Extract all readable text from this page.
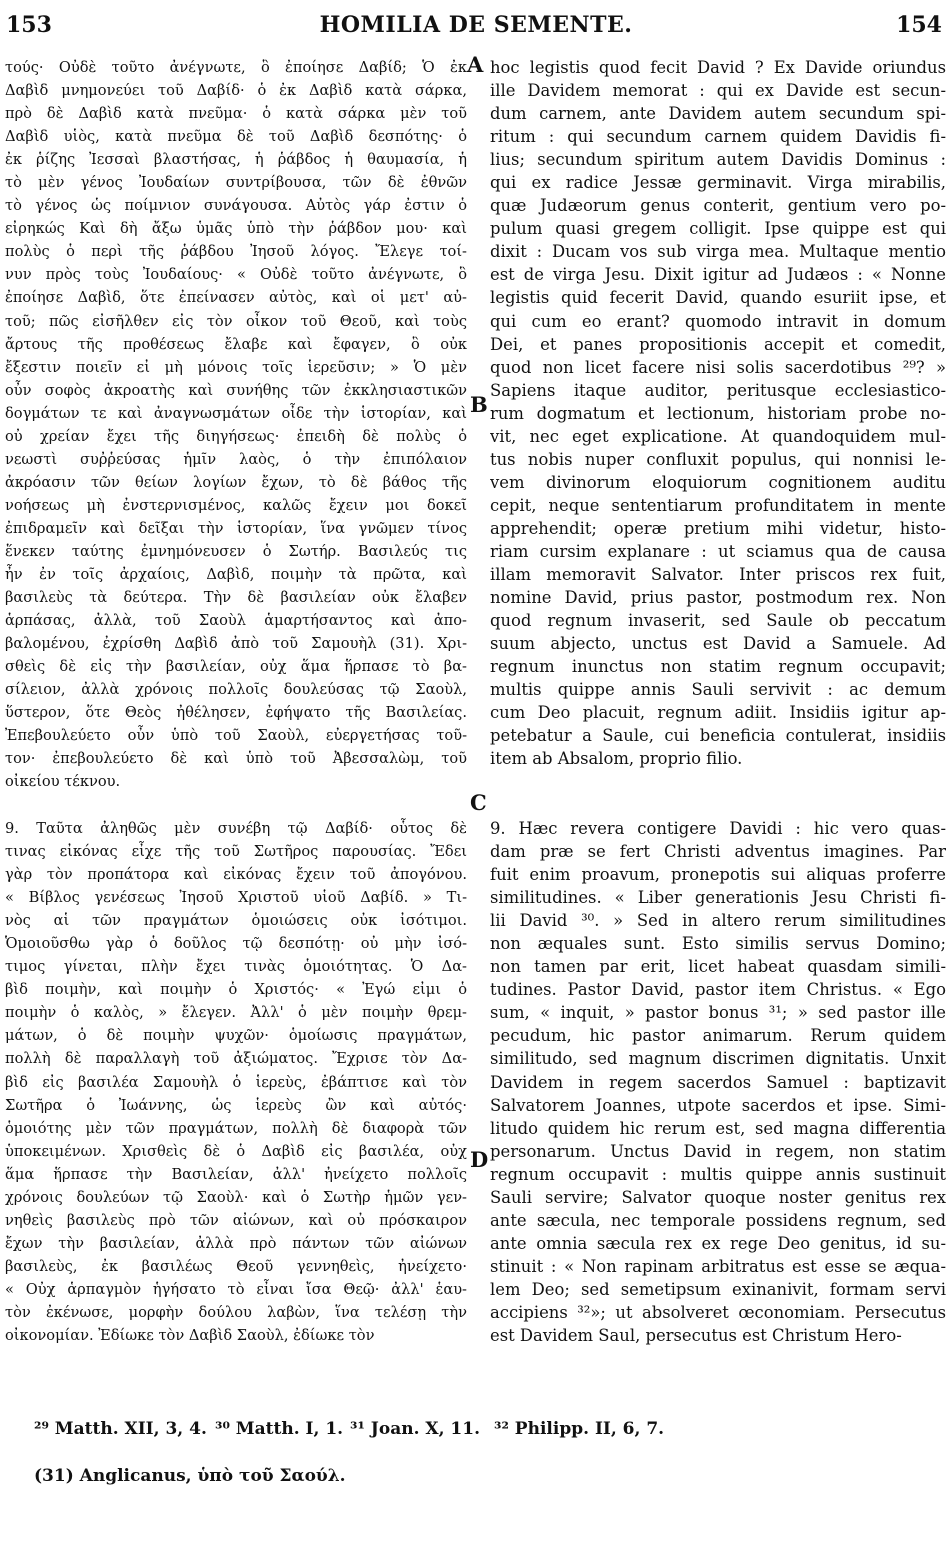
153	HOMILIA DE SEMENTE.	154
τούς· Οὐδὲ τοῦτο ἀνέγνωτε, ὃ ἐποίησε Δαβίδ; Ὁ ἐκ
Δαβὶδ μνημονεύει τοῦ Δαβίδ· ὁ ἐκ Δαβὶδ κατὰ σάρκα,
πρὸ δὲ Δαβὶδ κατὰ πνεῦμα· ὁ κατὰ σάρκα μὲν τοῦ
Δαβὶδ υἱὸς, κατὰ πνεῦμα δὲ τοῦ Δαβὶδ δεσπότης· ὁ
ἐκ ῥίζης Ἰεσσαὶ βλαστήσας, ἡ ῥάβδος ἡ θαυμασία, ἡ
τὸ μὲν γένος Ἰουδαίων συντρίβουσα, τῶν δὲ ἐθνῶν
τὸ γένος ὡς ποίμνιον συνάγουσα. Αὐτὸς γάρ ἐστιν ὁ
εἰρηκώς Καὶ δὴ ἄξω ὑμᾶς ὑπὸ τὴν ῥάβδον μου· καὶ
πολὺς ὁ περὶ τῆς ῥάβδου Ἰησοῦ λόγος. Ἔλεγε τοί-
νυν πρὸς τοὺς Ἰουδαίους· « Οὐδὲ τοῦτο ἀνέγνωτε, ὃ
ἐποίησε Δαβὶδ, ὅτε ἐπείνασεν αὐτὸς, καὶ οἱ μετ' αὐ-
τοῦ; πῶς εἰσῆλθεν εἰς τὸν οἶκον τοῦ Θεοῦ, καὶ τοὺς
ἄρτους τῆς προθέσεως ἔλαβε καὶ ἔφαγεν, ὃ οὐκ
ἔξεστιν ποιεῖν εἰ μὴ μόνοις τοῖς ἱερεῦσιν; » Ὁ μὲν
οὖν σοφὸς ἀκροατὴς καὶ συνήθης τῶν ἐκκλησιαστικῶν
δογμάτων τε καὶ ἀναγνωσμάτων οἶδε τὴν ἱστορίαν, καὶ
οὐ χρείαν ἔχει τῆς διηγήσεως· ἐπειδὴ δὲ πολὺς ὁ
νεωστὶ συῤῥεύσας ἡμῖν λαὸς, ὁ τὴν ἐπιπόλαιον
ἀκρόασιν τῶν θείων λογίων ἔχων, τὸ δὲ βάθος τῆς
νοήσεως μὴ ἐνστερνισμένος, καλῶς ἔχειν μοι δοκεῖ
ἐπιδραμεῖν καὶ δεῖξαι τὴν ἱστορίαν, ἵνα γνῶμεν τίνος
ἕνεκεν ταύτης ἐμνημόνευσεν ὁ Σωτήρ. Βασιλεύς τις
ἦν ἐν τοῖς ἀρχαίοις, Δαβὶδ, ποιμὴν τὰ πρῶτα, καὶ
βασιλεὺς τὰ δεύτερα. Τὴν δὲ βασιλείαν οὐκ ἔλαβεν
ἁρπάσας, ἀλλὰ, τοῦ Σαοὺλ ἁμαρτήσαντος καὶ ἀπο-
βαλομένου, ἐχρίσθη Δαβὶδ ἀπὸ τοῦ Σαμουὴλ (31). Χρι-
σθεὶς δὲ εἰς τὴν βασιλείαν, οὐχ ἅμα ἥρπασε τὸ βα-
σίλειον, ἀλλὰ χρόνοις πολλοῖς δουλεύσας τῷ Σαοὺλ,
ὕστερον, ὅτε Θεὸς ἠθέλησεν, ἐφήψατο τῆς Βασιλείας.
Ἐπεβουλεύετο οὖν ὑπὸ τοῦ Σαοὺλ, εὐεργετήσας τοῦ-
τον· ἐπεβουλεύετο δὲ καὶ ὑπὸ τοῦ Ἀβεσσαλὼμ, τοῦ
οἰκείου τέκνου.
hoc legistis quod fecit David ? Ex Davide oriundus
ille Davidem memorat : qui ex Davide est secun-
dum carnem, ante Davidem autem secundum spi-
ritum : qui secundum carnem quidem Davidis fi-
lius; secundum spiritum autem Davidis Dominus :
qui ex radice Jessæ germinavit. Virga mirabilis,
quæ Judæorum genus conterit, gentium vero po-
pulum quasi gregem colligit. Ipse quippe est qui
dixit : Ducam vos sub virga mea. Multaque mentio
est de virga Jesu. Dixit igitur ad Judæos : « Nonne
legistis quid fecerit David, quando esuriit ipse, et
qui cum eo erant? quomodo intravit in domum
Dei, et panes propositionis accepit et comedit,
quod non licet facere nisi solis sacerdotibus ²⁹? »
Sapiens itaque auditor, peritusque ecclesiastico-
rum dogmatum et lectionum, historiam probe no-
vit, nec eget explicatione. At quandoquidem mul-
tus nobis nuper confluxit populus, qui nonnisi le-
vem divinorum eloquiorum cognitionem auditu
cepit, neque sententiarum profunditatem in mente
apprehendit; operæ pretium mihi videtur, histo-
riam cursim explanare : ut sciamus qua de causa
illam memoravit Salvator. Inter priscos rex fuit,
nomine David, prius pastor, postmodum rex. Non
quod regnum invaserit, sed Saule ob peccatum
suum abjecto, unctus est David a Samuele. Ad
regnum inunctus non statim regnum occupavit;
multis quippe annis Sauli servivit : ac demum
cum Deo placuit, regnum adiit. Insidiis igitur ap-
petebatur a Saule, cui beneficia contulerat, insidiis
item ab Absalom, proprio filio.
9. Ταῦτα ἀληθῶς μὲν συνέβη τῷ Δαβίδ· οὗτος δὲ
τινας εἰκόνας εἶχε τῆς τοῦ Σωτῆρος παρουσίας. Ἔδει
γὰρ τὸν προπάτορα καὶ εἰκόνας ἔχειν τοῦ ἀπογόνου.
« Βίβλος γενέσεως Ἰησοῦ Χριστοῦ υἱοῦ Δαβίδ. » Τι-
νὸς αἱ τῶν πραγμάτων ὁμοιώσεις οὐκ ἰσότιμοι.
Ὁμοιοῦσθω γὰρ ὁ δοῦλος τῷ δεσπότῃ· οὐ μὴν ἰσό-
τιμος γίνεται, πλὴν ἔχει τινὰς ὁμοιότητας. Ὁ Δα-
βὶδ ποιμὴν, καὶ ποιμὴν ὁ Χριστός· « Ἐγώ εἰμι ὁ
ποιμὴν ὁ καλὸς, » ἔλεγεν. Ἀλλ' ὁ μὲν ποιμὴν θρεμ-
μάτων, ὁ δὲ ποιμὴν ψυχῶν· ὁμοίωσις πραγμάτων,
πολλὴ δὲ παραλλαγὴ τοῦ ἀξιώματος. Ἔχρισε τὸν Δα-
βὶδ εἰς βασιλέα Σαμουὴλ ὁ ἱερεὺς, ἐβάπτισε καὶ τὸν
Σωτῆρα ὁ Ἰωάννης, ὡς ἱερεὺς ὢν καὶ αὐτός·
ὁμοιότης μὲν τῶν πραγμάτων, πολλὴ δὲ διαφορὰ τῶν
ὑποκειμένων. Χρισθεὶς δὲ ὁ Δαβὶδ εἰς βασιλέα, οὐχ
ἅμα ἥρπασε τὴν Βασιλείαν, ἀλλ' ἠνείχετο πολλοῖς
χρόνοις δουλεύων τῷ Σαοὺλ· καὶ ὁ Σωτὴρ ἡμῶν γεν-
νηθεὶς βασιλεὺς πρὸ τῶν αἰώνων, καὶ οὐ πρόσκαιρον
ἔχων τὴν βασιλείαν, ἀλλὰ πρὸ πάντων τῶν αἰώνων
βασιλεὺς, ἐκ βασιλέως Θεοῦ γεννηθεὶς, ἠνείχετο·
« Οὐχ ἁρπαγμὸν ἡγήσατο τὸ εἶναι ἴσα Θεῷ· ἀλλ' ἑαυ-
τὸν ἐκένωσε, μορφὴν δούλου λαβὼν, ἵνα τελέσῃ τὴν
οἰκονομίαν. Ἐδίωκε τὸν Δαβὶδ Σαοὺλ, ἐδίωκε τὸν
9. Hæc revera contigere Davidi : hic vero quas-
dam præ se fert Christi adventus imagines. Par
fuit enim proavum, pronepotis sui aliquas proferre
similitudines. « Liber generationis Jesu Christi fi-
lii David ³⁰. » Sed in altero rerum similitudines
non æquales sunt. Esto similis servus Domino;
non tamen par erit, licet habeat quasdam simili-
tudines. Pastor David, pastor item Christus. « Ego
sum, « inquit, » pastor bonus ³¹; » sed pastor ille
pecudum, hic pastor animarum. Rerum quidem
similitudo, sed magnum discrimen dignitatis. Unxit
Davidem in regem sacerdos Samuel : baptizavit
Salvatorem Joannes, utpote sacerdos et ipse. Simi-
litudo quidem hic rerum est, sed magna differentia
personarum. Unctus David in regem, non statim
regnum occupavit : multis quippe annis sustinuit
Sauli servire; Salvator quoque noster genitus rex
ante sæcula, nec temporale possidens regnum, sed
ante omnia sæcula rex ex rege Deo genitus, id su-
stinuit : « Non rapinam arbitratus est esse se æqua-
lem Deo; sed semetipsum exinanivit, formam servi
accipiens ³²»; ut absolveret œconomiam. Persecutus
est Davidem Saul, persecutus est Christum Hero-
A
B
C
D
²⁹ Matth. XII, 3, 4. ³⁰ Matth. I, 1. ³¹ Joan. X, 11. ³² Philipp. II, 6, 7.
(31) Anglicanus, ὑπὸ τοῦ Σαούλ.
